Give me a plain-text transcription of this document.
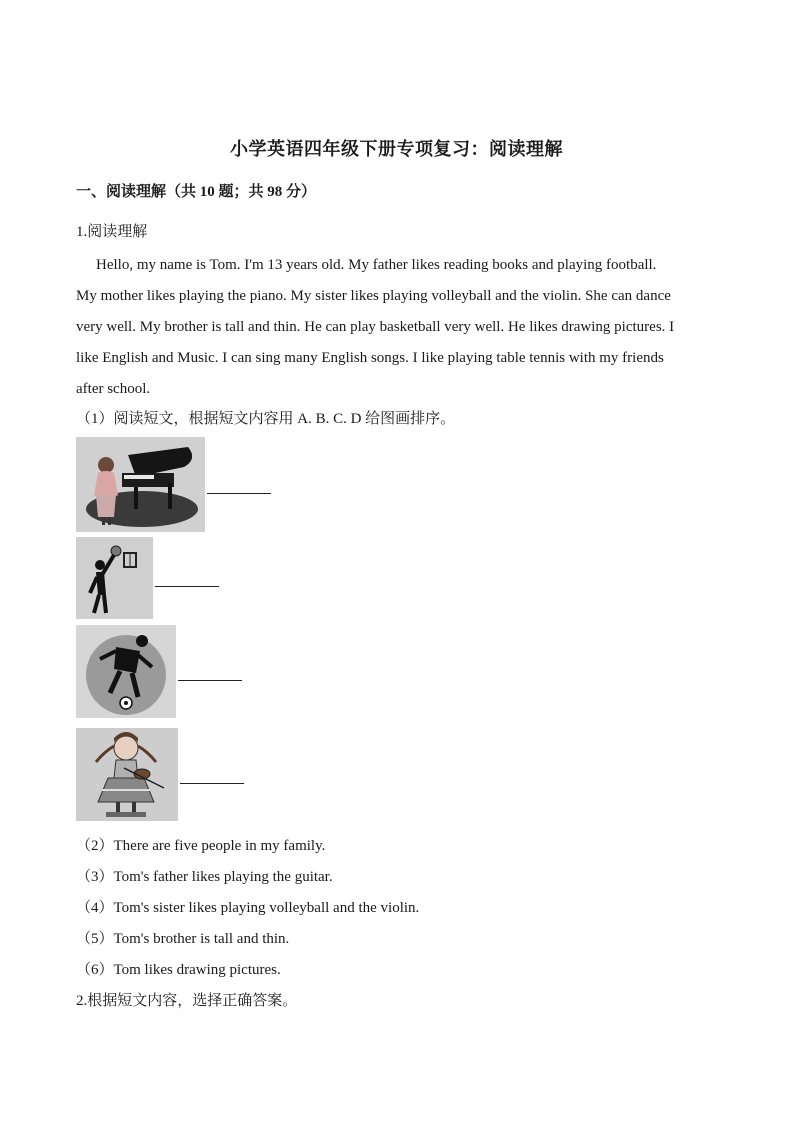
小学英语四年级下册专项复习：阅读理解
一、阅读理解（共 10 题；共 98 分）
1.阅读理解
Hello, my name is Tom. I'm 13 years old. My father likes reading books and playing football.
My mother likes playing the piano. My sister likes playing volleyball and the violin. She can dance
very well. My brother is tall and thin. He can play basketball very well. He likes drawing pictures. I
like English and Music. I can sing many English songs. I like playing table tennis with my friends
after school.
（1）阅读短文，根据短文内容用 A. B. C. D 给图画排序。
（2）There are five people in my family.
（3）Tom's father likes playing the guitar.
（4）Tom's sister likes playing volleyball and the violin.
（5）Tom's brother is tall and thin.
（6）Tom likes drawing pictures.
2.根据短文内容，选择正确答案。
